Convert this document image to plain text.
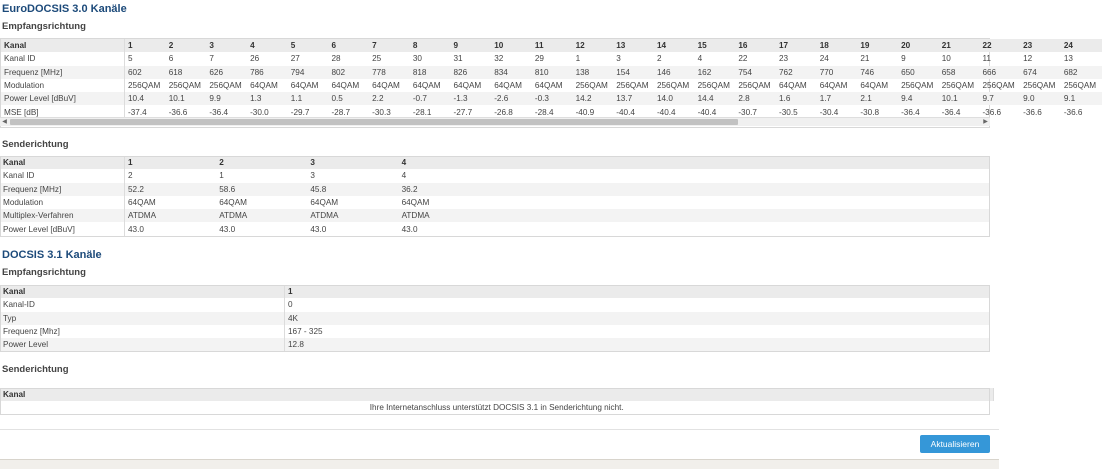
EuroDOCSIS 3.0 Kanäle
Empfangsrichtung
Kanal	1	2	3	4	5	6	7	8	9	10	11	12	13	14	15	16	17	18	19	20	21	22	23	24
Kanal ID	5	6	7	26	27	28	25	30	31	32	29	1	3	2	4	22	23	24	21	9	10	11	12	13
Frequenz [MHz]	602	618	626	786	794	802	778	818	826	834	810	138	154	146	162	754	762	770	746	650	658	666	674	682
Modulation	256QAM	256QAM	256QAM	64QAM	64QAM	64QAM	64QAM	64QAM	64QAM	64QAM	64QAM	256QAM	256QAM	256QAM	256QAM	256QAM	64QAM	64QAM	64QAM	256QAM	256QAM	256QAM	256QAM	256QAM
Power Level [dBuV]	10.4	10.1	9.9	1.3	1.1	0.5	2.2	-0.7	-1.3	-2.6	-0.3	14.2	13.7	14.0	14.4	2.8	1.6	1.7	2.1	9.4	10.1	9.7	9.0	9.1
MSE [dB]	-37.4	-36.6	-36.4	-30.0	-29.7	-28.7	-30.3	-28.1	-27.7	-26.8	-28.4	-40.9	-40.4	-40.4	-40.4	-30.7	-30.5	-30.4	-30.8	-36.4	-36.4	-36.6	-36.6	-36.6
◀	▶
Senderichtung
Kanal	1	2	3	4	
Kanal ID	2	1	3	4	
Frequenz [MHz]	52.2	58.6	45.8	36.2	
Modulation	64QAM	64QAM	64QAM	64QAM	
Multiplex-Verfahren	ATDMA	ATDMA	ATDMA	ATDMA	
Power Level [dBuV]	43.0	43.0	43.0	43.0	
DOCSIS 3.1 Kanäle
Empfangsrichtung
Kanal	1
Kanal-ID	0
Typ	4K
Frequenz [Mhz]	167 - 325
Power Level	12.8
Senderichtung
Kanal
Ihre Internetanschluss unterstützt DOCSIS 3.1 in Senderichtung nicht.
Aktualisieren
